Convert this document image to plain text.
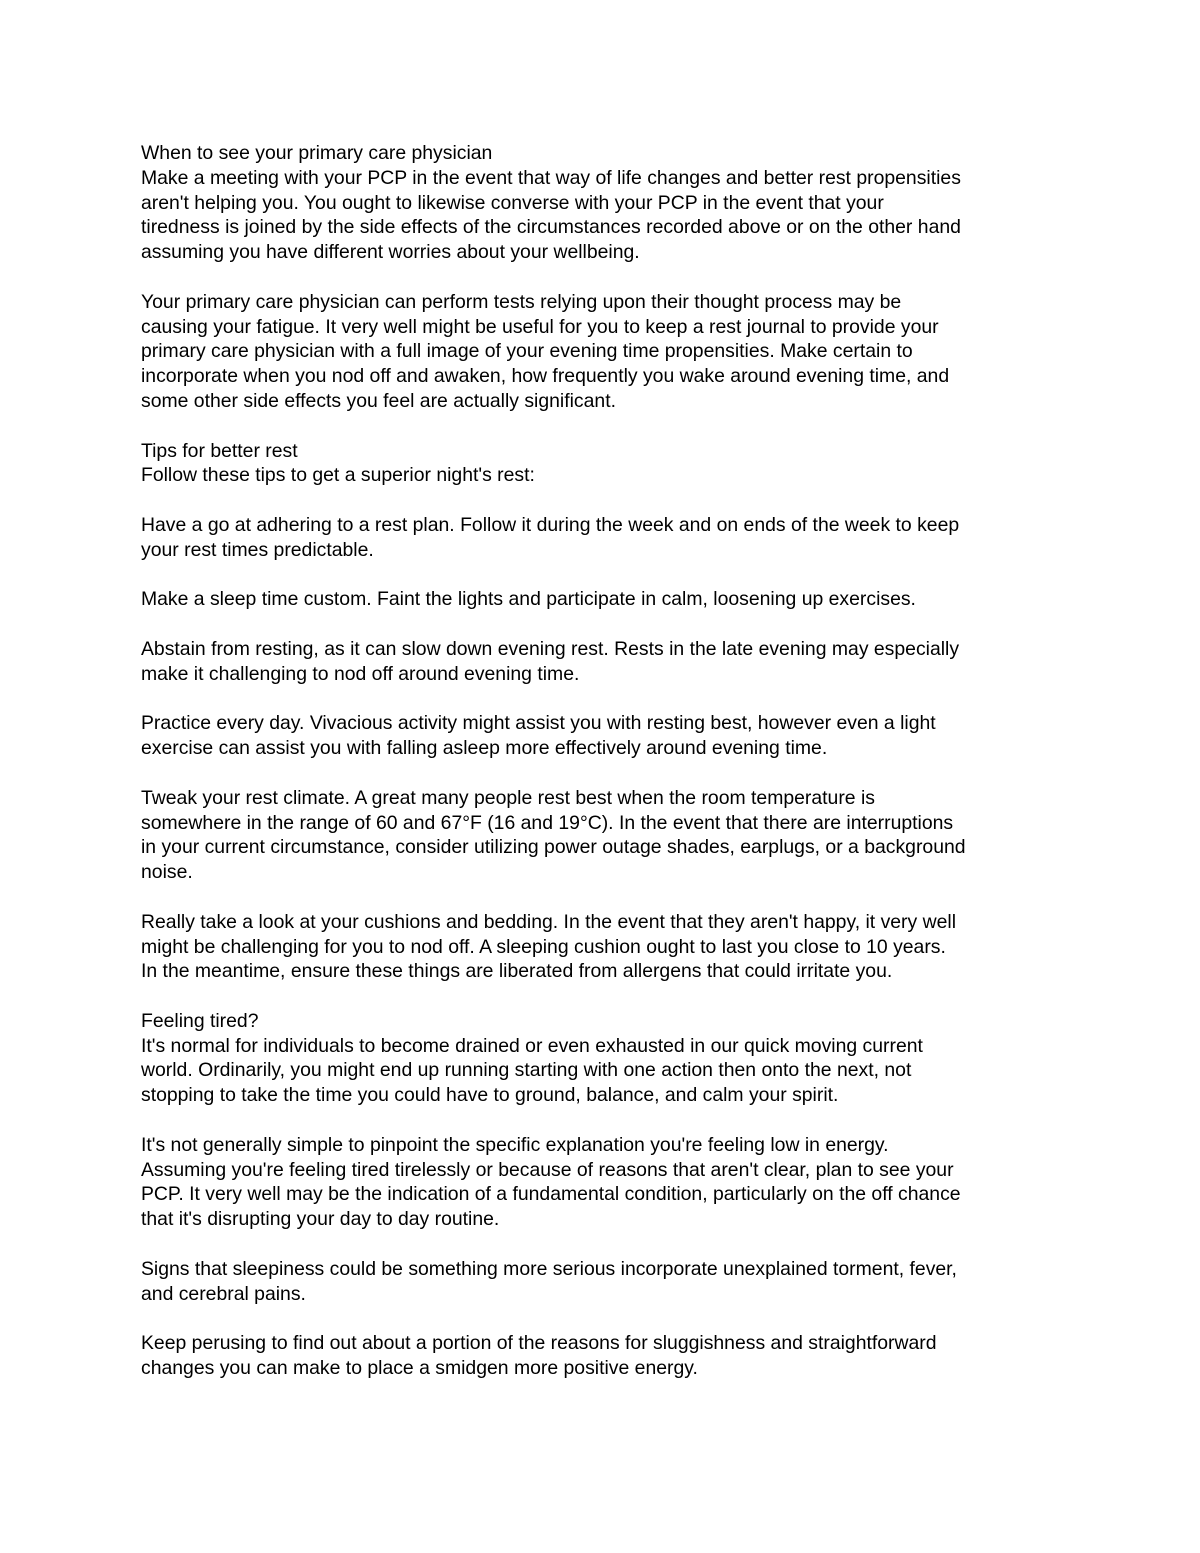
When to see your primary care physician
Make a meeting with your PCP in the event that way of life changes and better rest propensities
aren't helping you. You ought to likewise converse with your PCP in the event that your
tiredness is joined by the side effects of the circumstances recorded above or on the other hand
assuming you have different worries about your wellbeing.
Your primary care physician can perform tests relying upon their thought process may be
causing your fatigue. It very well might be useful for you to keep a rest journal to provide your
primary care physician with a full image of your evening time propensities. Make certain to
incorporate when you nod off and awaken, how frequently you wake around evening time, and
some other side effects you feel are actually significant.
Tips for better rest
Follow these tips to get a superior night's rest:
Have a go at adhering to a rest plan. Follow it during the week and on ends of the week to keep
your rest times predictable.
Make a sleep time custom. Faint the lights and participate in calm, loosening up exercises.
Abstain from resting, as it can slow down evening rest. Rests in the late evening may especially
make it challenging to nod off around evening time.
Practice every day. Vivacious activity might assist you with resting best, however even a light
exercise can assist you with falling asleep more effectively around evening time.
Tweak your rest climate. A great many people rest best when the room temperature is
somewhere in the range of 60 and 67°F (16 and 19°C). In the event that there are interruptions
in your current circumstance, consider utilizing power outage shades, earplugs, or a background
noise.
Really take a look at your cushions and bedding. In the event that they aren't happy, it very well
might be challenging for you to nod off. A sleeping cushion ought to last you close to 10 years.
In the meantime, ensure these things are liberated from allergens that could irritate you.
Feeling tired?
It's normal for individuals to become drained or even exhausted in our quick moving current
world. Ordinarily, you might end up running starting with one action then onto the next, not
stopping to take the time you could have to ground, balance, and calm your spirit.
It's not generally simple to pinpoint the specific explanation you're feeling low in energy.
Assuming you're feeling tired tirelessly or because of reasons that aren't clear, plan to see your
PCP. It very well may be the indication of a fundamental condition, particularly on the off chance
that it's disrupting your day to day routine.
Signs that sleepiness could be something more serious incorporate unexplained torment, fever,
and cerebral pains.
Keep perusing to find out about a portion of the reasons for sluggishness and straightforward
changes you can make to place a smidgen more positive energy.
